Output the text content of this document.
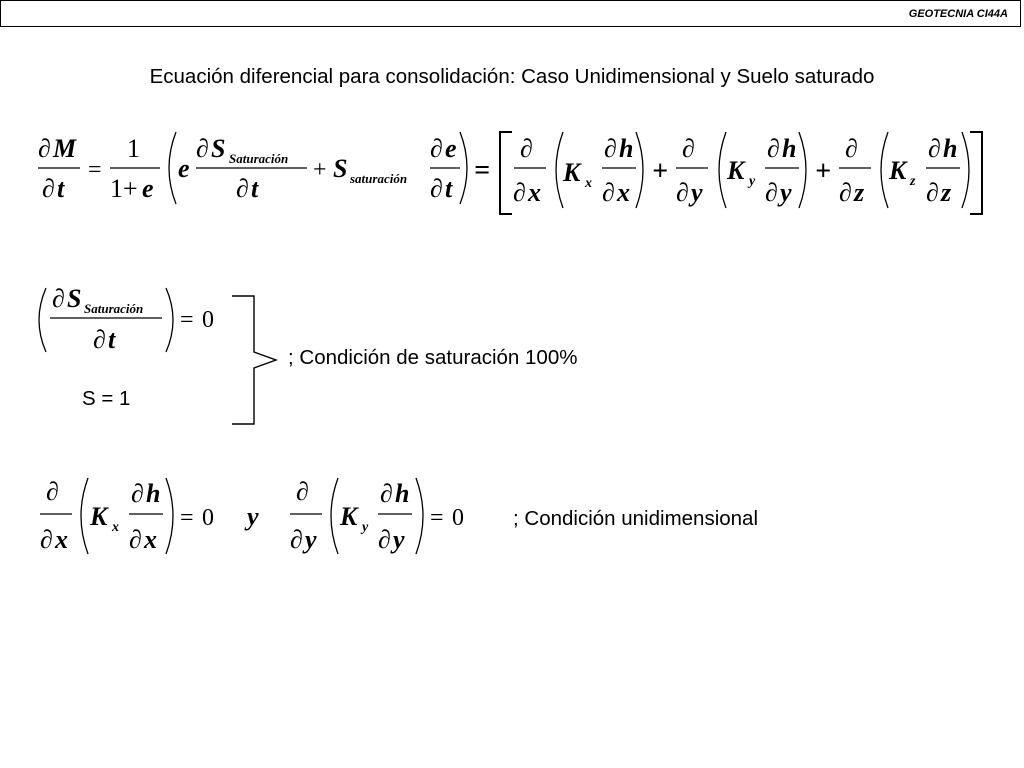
GEOTECNIA CI44A
Ecuación diferencial para consolidación: Caso Unidimensional y Suelo saturado
∂ M
∂ t
=
1
1+ e
e
∂ S Saturación
∂ t
+ S saturación
∂ e
∂ t
=
∂
∂ x
K x
∂ h
∂ x
+
∂
∂ y
K y
∂ h
∂ y
+
∂
∂ z
K z
∂ h
∂ z
∂ S Saturación
∂ t
= 0
S = 1
; Condición de saturación 100%
∂
∂ x
K x
∂ h
∂ x
= 0 y
∂
∂ y
K y
∂ h
∂ y
= 0 ; Condición unidimensional
